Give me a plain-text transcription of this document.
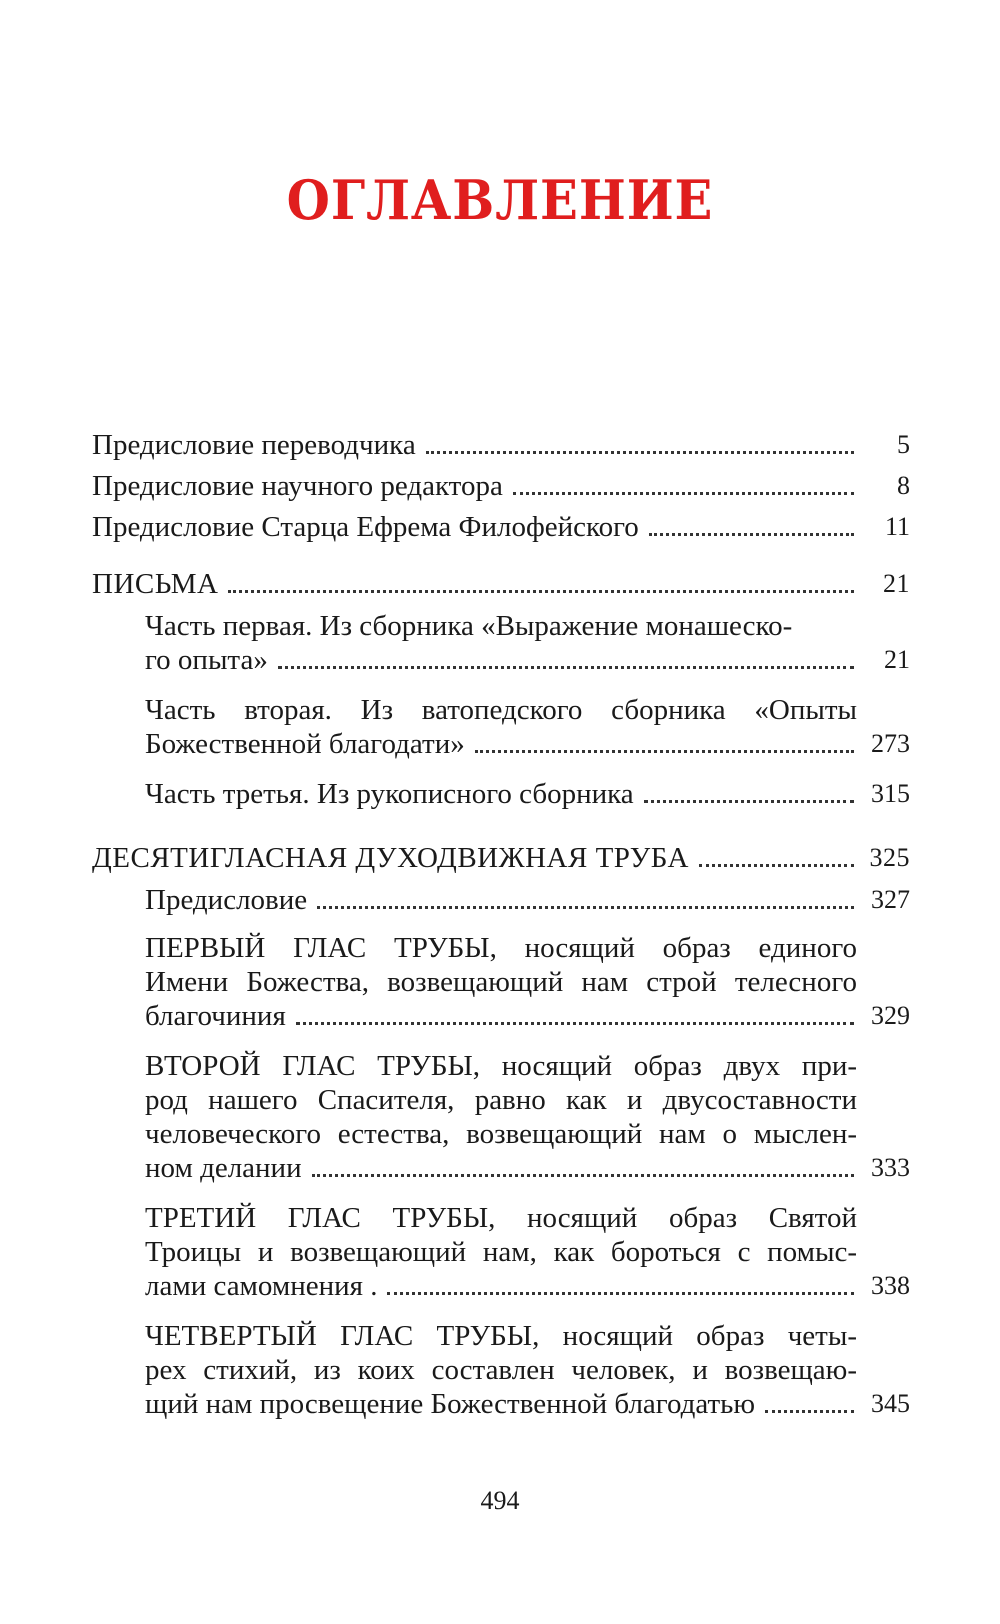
ОГЛАВЛЕНИЕ
Предисловие переводчика	5
Предисловие научного редактора	8
Предисловие Старца Ефрема Филофейского	11
ПИСЬМА	21
Часть первая. Из сборника «Выражение монашеско-
го опыта»	21
Часть вторая. Из ватопедского сборника «Опыты
Божественной благодати»	273
Часть третья. Из рукописного сборника	315
ДЕСЯТИГЛАСНАЯ ДУХОДВИЖНАЯ ТРУБА	325
Предисловие	327
ПЕРВЫЙ ГЛАС ТРУБЫ, носящий образ единого
Имени Божества, возвещающий нам строй телесного
благочиния	329
ВТОРОЙ ГЛАС ТРУБЫ, носящий образ двух при-
род нашего Спасителя, равно как и двусоставности
человеческого естества, возвещающий нам о мыслен-
ном делании	333
ТРЕТИЙ ГЛАС ТРУБЫ, носящий образ Святой
Троицы и возвещающий нам, как бороться с помыс-
лами самомнения .	338
ЧЕТВЕРТЫЙ ГЛАС ТРУБЫ, носящий образ четы-
рех стихий, из коих составлен человек, и возвещаю-
щий нам просвещение Божественной благодатью	345
494
